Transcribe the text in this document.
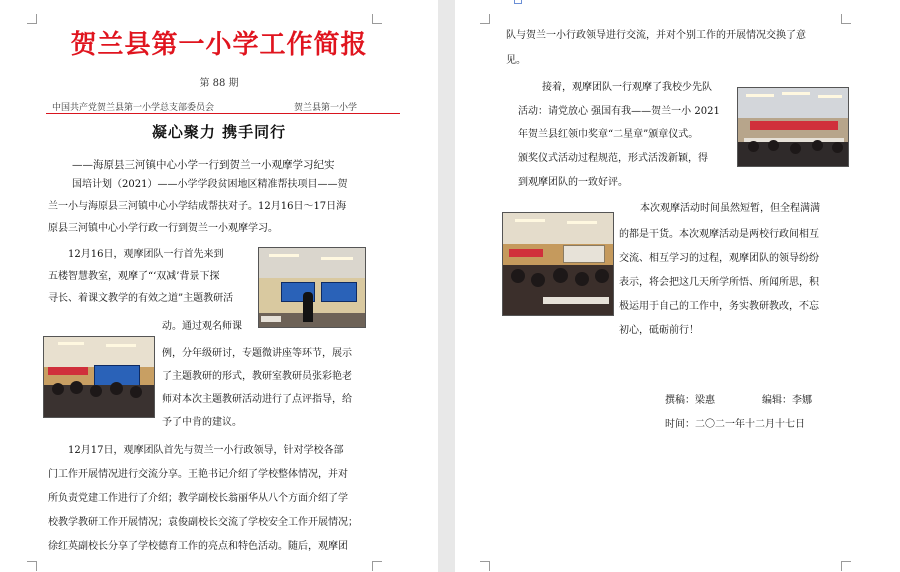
贺兰县第一小学工作简报
第 88 期
中国共产党贺兰县第一小学总支部委员会	贺兰县第一小学
凝心聚力 携手同行
——海原县三河镇中心小学一行到贺兰一小观摩学习纪实
国培计划（2021）——小学学段贫困地区精准帮扶项目——贺
兰一小与海原县三河镇中心小学结成帮扶对子。12月16日～17日海
原县三河镇中心小学行政一行到贺兰一小观摩学习。
12月16日，观摩团队一行首先来到
五楼智慧教室，观摩了“‘双减’背景下探
寻长、着课文教学的有效之道”主题教研活
动。通过观名师课
例，分年级研讨，专题微讲座等环节，展示
了主题教研的形式，教研室教研员张彩艳老
师对本次主题教研活动进行了点评指导，给
予了中肯的建议。
12月17日，观摩团队首先与贺兰一小行政领导，针对学校各部
门工作开展情况进行交流分享。王艳书记介绍了学校整体情况，并对
所负责党建工作进行了介绍；教学副校长翁丽华从八个方面介绍了学
校教学教研工作开展情况；袁俊副校长交流了学校安全工作开展情况；
徐红英副校长分享了学校德育工作的亮点和特色活动。随后，观摩团
队与贺兰一小行政领导进行交流，并对个别工作的开展情况交换了意
见。
接着，观摩团队一行观摩了我校少先队
活动：请党放心 强国有我——贺兰一小 2021
年贺兰县红领巾奖章“二星章”颁章仪式。
颁奖仪式活动过程规范，形式活泼新颖，得
到观摩团队的一致好评。
本次观摩活动时间虽然短暂，但全程满满
的都是干货。本次观摩活动是两校行政间相互
交流、相互学习的过程，观摩团队的领导纷纷
表示，将会把这几天所学所悟、所闻所思，积
极运用于自己的工作中，务实教研教改，不忘
初心，砥砺前行！
撰稿：梁惠	编辑：李娜
时间：二〇二一年十二月十七日
